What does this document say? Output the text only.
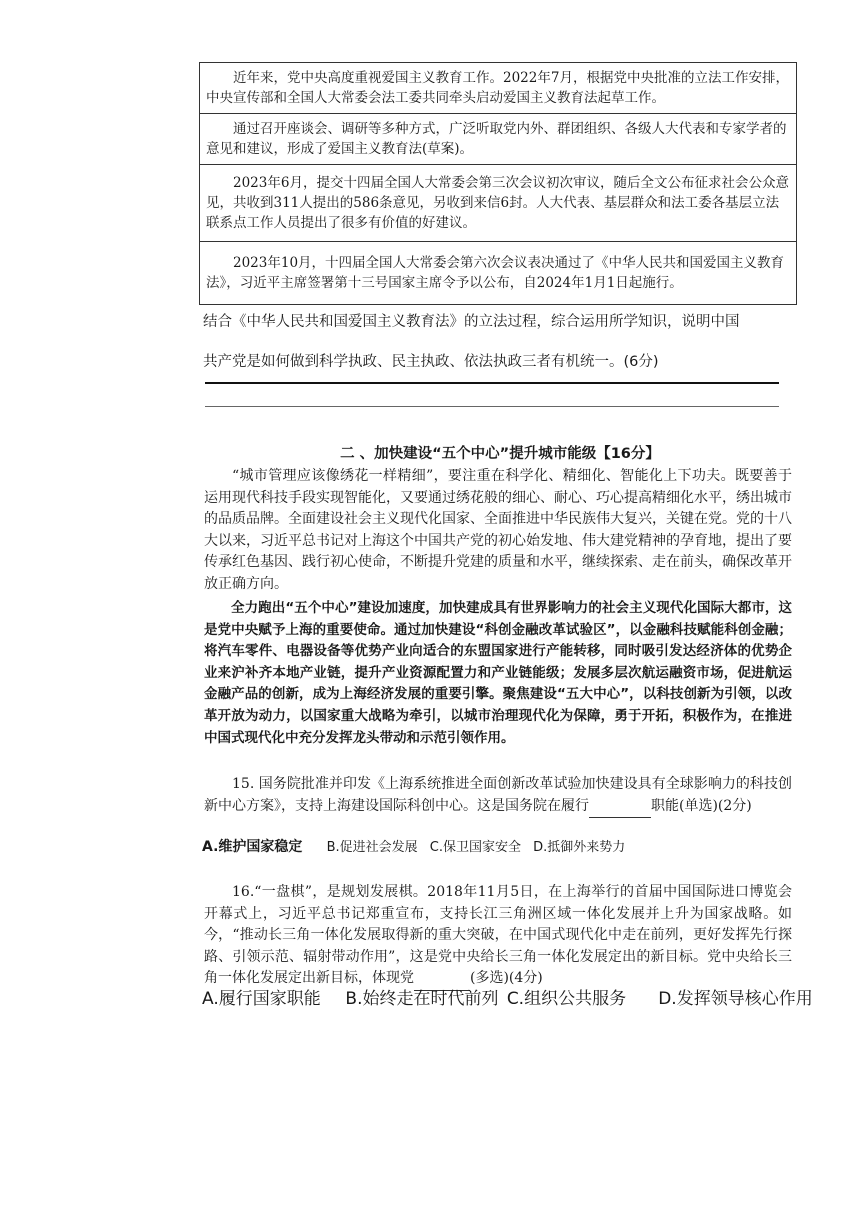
近年来，党中央高度重视爱国主义教育工作。2022年7月，根据党中央批准的立法工作安排，中央宣传部和全国人大常委会法工委共同牵头启动爱国主义教育法起草工作。
通过召开座谈会、调研等多种方式，广泛听取党内外、群团组织、各级人大代表和专家学者的意见和建议，形成了爱国主义教育法(草案)。
2023年6月，提交十四届全国人大常委会第三次会议初次审议，随后全文公布征求社会公众意见，共收到311人提出的586条意见，另收到来信6封。人大代表、基层群众和法工委各基层立法联系点工作人员提出了很多有价值的好建议。
2023年10月，十四届全国人大常委会第六次会议表决通过了《中华人民共和国爱国主义教育法》，习近平主席签署第十三号国家主席令予以公布，自2024年1月1日起施行。
结合《中华人民共和国爱国主义教育法》的立法过程，综合运用所学知识，说明中国
共产党是如何做到科学执政、民主执政、依法执政三者有机统一。(6分)
二 、加快建设“五个中心”提升城市能级【16分】
“城市管理应该像绣花一样精细”，要注重在科学化、精细化、智能化上下功夫。既要善于运用现代科技手段实现智能化，又要通过绣花般的细心、耐心、巧心提高精细化水平，绣出城市的品质品牌。全面建设社会主义现代化国家、全面推进中华民族伟大复兴，关键在党。党的十八大以来，习近平总书记对上海这个中国共产党的初心始发地、伟大建党精神的孕育地，提出了要传承红色基因、践行初心使命，不断提升党建的质量和水平，继续探索、走在前头，确保改革开放正确方向。
全力跑出“五个中心”建设加速度，加快建成具有世界影响力的社会主义现代化国际大都市，这是党中央赋予上海的重要使命。通过加快建设“科创金融改革试验区”，以金融科技赋能科创金融；将汽车零件、电器设备等优势产业向适合的东盟国家进行产能转移，同时吸引发达经济体的优势企业来沪补齐本地产业链，提升产业资源配置力和产业链能级；发展多层次航运融资市场，促进航运金融产品的创新，成为上海经济发展的重要引擎。聚焦建设“五大中心”，以科技创新为引领，以改革开放为动力，以国家重大战略为牵引，以城市治理现代化为保障，勇于开拓，积极作为，在推进中国式现代化中充分发挥龙头带动和示范引领作用。
15. 国务院批准并印发《上海系统推进全面创新改革试验加快建设具有全球影响力的科技创新中心方案》，支持上海建设国际科创中心。这是国务院在履行	职能(单选)(2分)
A.维护国家稳定 B.促进社会发展 C.保卫国家安全 D.抵御外来势力
16.“一盘棋”，是规划发展棋。2018年11月5日，在上海举行的首届中国国际进口博览会开幕式上，习近平总书记郑重宣布，支持长江三角洲区域一体化发展并上升为国家战略。如今，“推动长三角一体化发展取得新的重大突破，在中国式现代化中走在前列，更好发挥先行探路、引领示范、辐射带动作用”，这是党中央给长三角一体化发展定出的新目标。党中央给长三角一体化发展定出新目标，体现党	(多选)(4分)
A.履行国家职能 B.始终走在时代前列 C.组织公共服务 D.发挥领导核心作用
